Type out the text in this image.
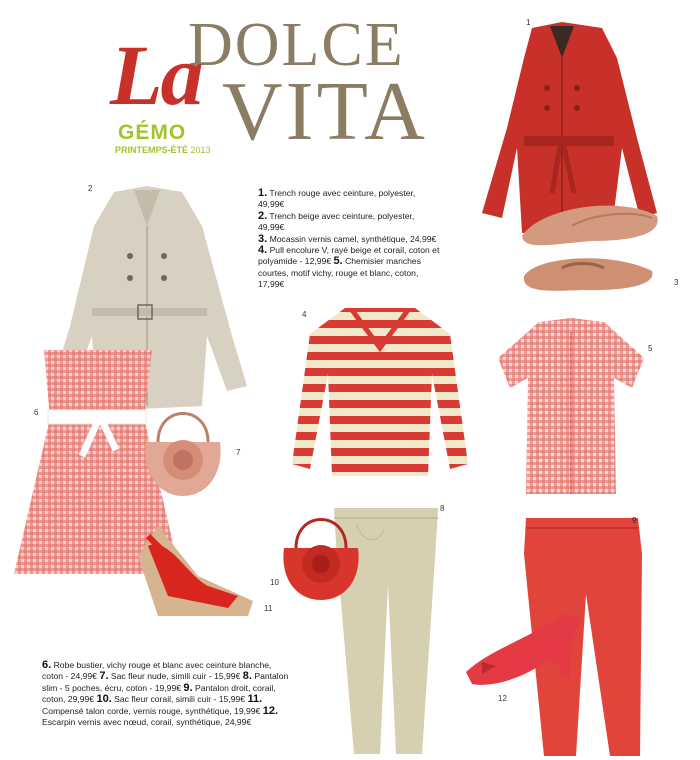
DOLCE
VITA
La
GÉMO
PRINTEMPS-ÉTÉ 2013
1
3
2	1. Trench rouge avec ceinture, polyester, 49,99€
2. Trench beige avec ceinture, polyester, 49,99€
3. Mocassin vernis camel, synthétique, 24,99€
4. Pull encolure V, rayé beige et corail, coton et polyamide - 12,99€ 5. Chemisier manches courtes, motif vichy, rouge et blanc, coton, 17,99€
4
5
6
7
11
8
10
9
12
6. Robe bustier, vichy rouge et blanc avec ceinture blanche, coton - 24,99€ 7. Sac fleur nude, simili cuir - 15,99€ 8. Pantalon slim - 5 poches, écru, coton - 19,99€ 9. Pantalon droit, corail, coton, 29,99€ 10. Sac fleur corail, simili cuir - 15,99€ 11. Compensé talon corde, vernis rouge, synthétique, 19,99€ 12. Escarpin vernis avec nœud, corail, synthétique, 24,99€
